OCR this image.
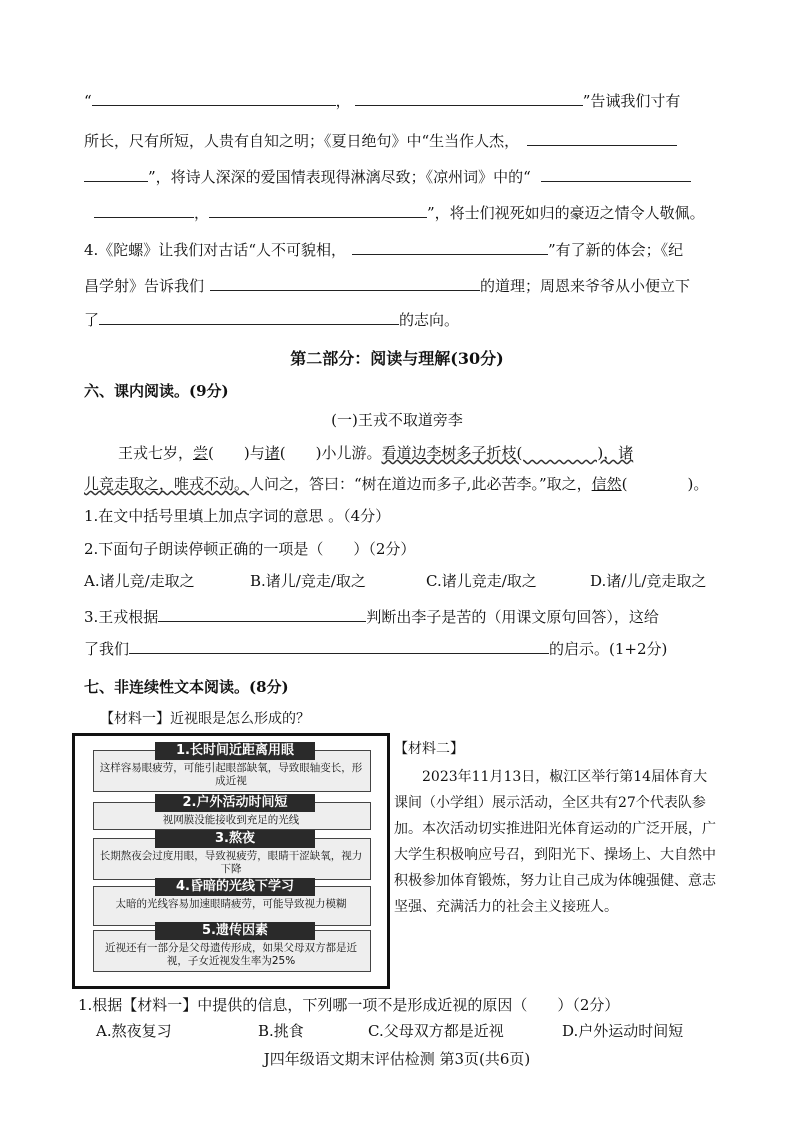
“	，	”告诫我们寸有
所长，尺有所短，人贵有自知之明；《夏日绝句》中“生当作人杰，
”，将诗人深深的爱国情表现得淋漓尽致；《凉州词》中的“
，	”，将士们视死如归的豪迈之情令人敬佩。
4.《陀螺》让我们对古话“人不可貌相，	”有了新的体会；《纪
昌学射》告诉我们	的道理；周恩来爷爷从小便立下
了	的志向。
第二部分：阅读与理解(30分)
六、课内阅读。(9分)
(一)王戎不取道旁李
王戎七岁，尝(　　)与诸(　　)小儿游。看道边李树多子折枝(　　　　　)，诸
儿竞走取之，唯戎不动。人问之，答曰：“树在道边而多子,此必苦李。”取之，信然(　　　　)。
1.在文中括号里填上加点字词的意思 。（4分）
2.下面句子朗读停顿正确的一项是（　　）（2分）
A.诸儿竞/走取之	B.诸儿/竞走/取之	C.诸儿竞走/取之	D.诸/儿/竞走取之
3.王戎根据	判断出李子是苦的（用课文原句回答），这给
了我们	的启示。(1+2分)
七、非连续性文本阅读。(8分)
【材料一】近视眼是怎么形成的？
1.长时间近距离用眼
这样容易眼疲劳，可能引起眼部缺氧，导致眼轴变长，形成近视
2.户外活动时间短
视网膜没能接收到充足的光线
3.熬夜
长期熬夜会过度用眼，导致视疲劳，眼睛干涩缺氧，视力下降
4.昏暗的光线下学习
太暗的光线容易加速眼睛疲劳，可能导致视力模糊
5.遗传因素
近视还有一部分是父母遗传形成，如果父母双方都是近视，子女近视发生率为25%
【材料二】
2023年11月13日，椒江区举行第14届体育大课间（小学组）展示活动，全区共有27个代表队参加。本次活动切实推进阳光体育运动的广泛开展，广大学生积极响应号召，到阳光下、操场上、大自然中积极参加体育锻炼，努力让自己成为体魄强健、意志坚强、充满活力的社会主义接班人。
1.根据【材料一】中提供的信息，下列哪一项不是形成近视的原因（　　）（2分）
A.熬夜复习	B.挑食	C.父母双方都是近视	D.户外运动时间短
J四年级语文期末评估检测 第3页(共6页)
